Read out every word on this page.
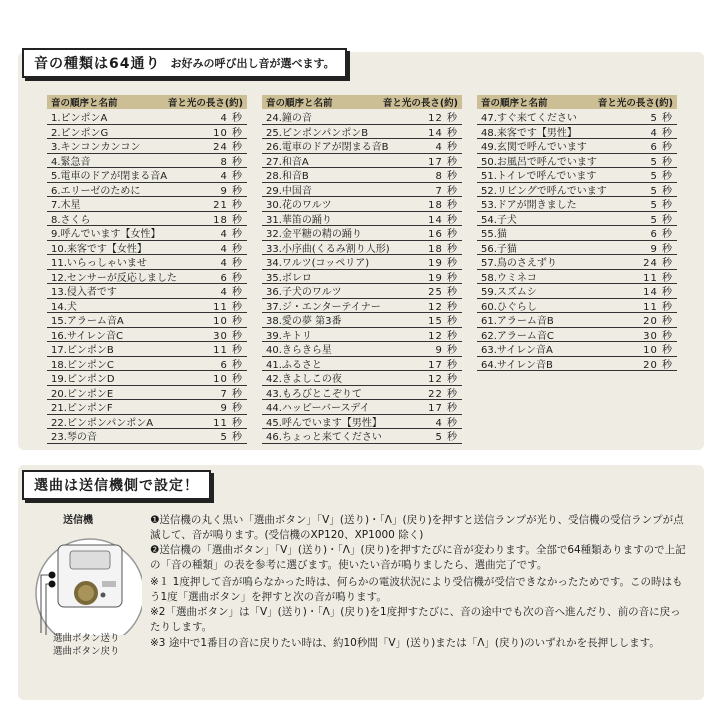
音の種類は64通り お好みの呼び出し音が選べます。
音の順序と名前	音と光の長さ(約)
1.ピンポンA	4 秒
2.ピンポンG	10 秒
3.キンコンカンコン	24 秒
4.緊急音	8 秒
5.電車のドアが閉まる音A	4 秒
6.エリーゼのために	9 秒
7.木星	21 秒
8.さくら	18 秒
9.呼んでいます【女性】	4 秒
10.来客です【女性】	4 秒
11.いらっしゃいませ	4 秒
12.センサーが反応しました	6 秒
13.侵入者です	4 秒
14.犬	11 秒
15.アラーム音A	10 秒
16.サイレン音C	30 秒
17.ピンポンB	11 秒
18.ピンポンC	6 秒
19.ピンポンD	10 秒
20.ピンポンE	7 秒
21.ピンポンF	9 秒
22.ピンポンパンポンA	11 秒
23.琴の音	5 秒
音の順序と名前	音と光の長さ(約)
24.鐘の音	12 秒
25.ピンポンパンポンB	14 秒
26.電車のドアが閉まる音B	4 秒
27.和音A	17 秒
28.和音B	8 秒
29.中国音	7 秒
30.花のワルツ	18 秒
31.華笛の踊り	14 秒
32.金平糖の精の踊り	16 秒
33.小序曲(くるみ割り人形)	18 秒
34.ワルツ(コッペリア)	19 秒
35.ボレロ	19 秒
36.子犬のワルツ	25 秒
37.ジ・エンターテイナー	12 秒
38.愛の夢 第3番	15 秒
39.キトリ	12 秒
40.きらきら星	9 秒
41.ふるさと	17 秒
42.きよしこの夜	12 秒
43.もろびとこぞりて	22 秒
44.ハッピーバースデイ	17 秒
45.呼んでいます【男性】	4 秒
46.ちょっと来てください	5 秒
音の順序と名前	音と光の長さ(約)
47.すぐ来てください	5 秒
48.来客です【男性】	4 秒
49.玄関で呼んでいます	6 秒
50.お風呂で呼んでいます	5 秒
51.トイレで呼んでいます	5 秒
52.リビングで呼んでいます	5 秒
53.ドアが開きました	5 秒
54.子犬	5 秒
55.猫	6 秒
56.子猫	9 秒
57.鳥のさえずり	24 秒
58.ウミネコ	11 秒
59.スズムシ	14 秒
60.ひぐらし	11 秒
61.アラーム音B	20 秒
62.アラーム音C	30 秒
63.サイレン音A	10 秒
64.サイレン音B	20 秒
選曲は送信機側で設定！
送信機
選曲ボタン送り
選曲ボタン戻り
❶送信機の丸く黒い「選曲ボタン」「V」(送り)・「Λ」(戻り)を押すと送信ランプが光り、受信機の受信ランプが点滅して、音が鳴ります。(受信機のXP120、XP1000 除く)
❷送信機の「選曲ボタン」「V」(送り)・「Λ」(戻り)を押すたびに音が変わります。全部で64種類ありますので上記の「音の種類」の表を参考に選びます。使いたい音が鳴りましたら、選曲完了です。
※１ 1度押して音が鳴らなかった時は、何らかの電波状況により受信機が受信できなかったためです。この時はもう1度「選曲ボタン」を押すと次の音が鳴ります。
※2「選曲ボタン」は「V」(送り)・「Λ」(戻り)を1度押すたびに、音の途中でも次の音へ進んだり、前の音に戻ったりします。
※3 途中で1番目の音に戻りたい時は、約10秒間「V」(送り)または「Λ」(戻り)のいずれかを長押しします。
